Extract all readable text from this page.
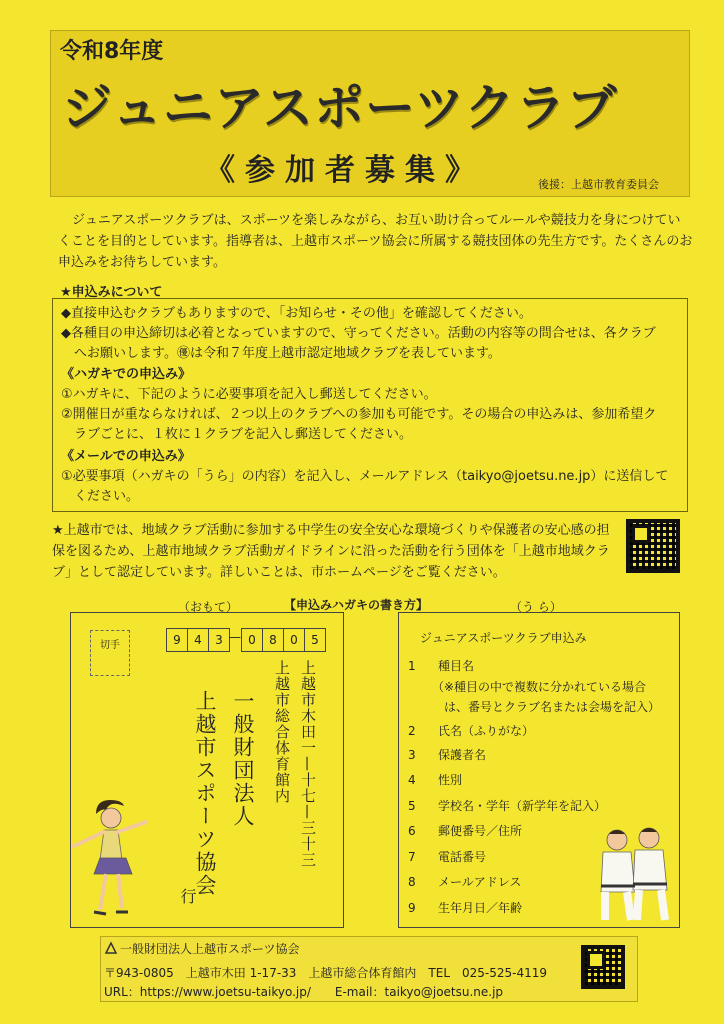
令和8年度
ジュニアスポーツクラブ
《参加者募集》	後援：上越市教育委員会
ジュニアスポーツクラブは、スポーツを楽しみながら、お互い助け合ってルールや競技力を身につけていくことを目的としています。指導者は、上越市スポーツ協会に所属する競技団体の先生方です。たくさんのお申込みをお待ちしています。
★申込みについて
◆直接申込むクラブもありますので、「お知らせ・その他」を確認してください。
◆各種目の申込締切は必着となっていますので、守ってください。活動の内容等の問合せは、各クラブ
　へお願いします。㊝は令和７年度上越市認定地域クラブを表しています。
《ハガキでの申込み》
①ハガキに、下記のように必要事項を記入し郵送してください。
②開催日が重ならなければ、２つ以上のクラブへの参加も可能です。その場合の申込みは、参加希望ク
　ラブごとに、１枚に１クラブを記入し郵送してください。
《メールでの申込み》
①必要事項（ハガキの「うら」の内容）を記入し、メールアドレス（taikyo@joetsu.ne.jp）に送信して
　ください。
★上越市では、地域クラブ活動に参加する中学生の安全安心な環境づくりや保護者の安心感の担保を図るため、上越市地域クラブ活動ガイドラインに沿った活動を行う団体を「上越市地域クラブ」として認定しています。詳しいことは、市ホームページをご覧ください。
（おもて）	【申込みハガキの書き方】	（う ら）
切手	9	4	3 — 0	8	0	5
上越市木田一—十七—三十三
上越市総合体育館内
一般財団法人
上越市スポーツ協会
行
ジュニアスポーツクラブ申込み
1 種目名
（※種目の中で複数に分かれている場合
　は、番号とクラブ名または会場を記入）
2 氏名（ふりがな）
3 保護者名
4 性別
5 学校名・学年（新学年を記入）
6 郵便番号／住所
7 電話番号
8 メールアドレス
9 生年月日／年齢
一般財団法人上越市スポーツ協会
〒943-0805　上越市木田 1-17-33　上越市総合体育館内　TEL　025-525-4119
URL：https://www.joetsu-taikyo.jp/　　E-mail：taikyo@joetsu.ne.jp
